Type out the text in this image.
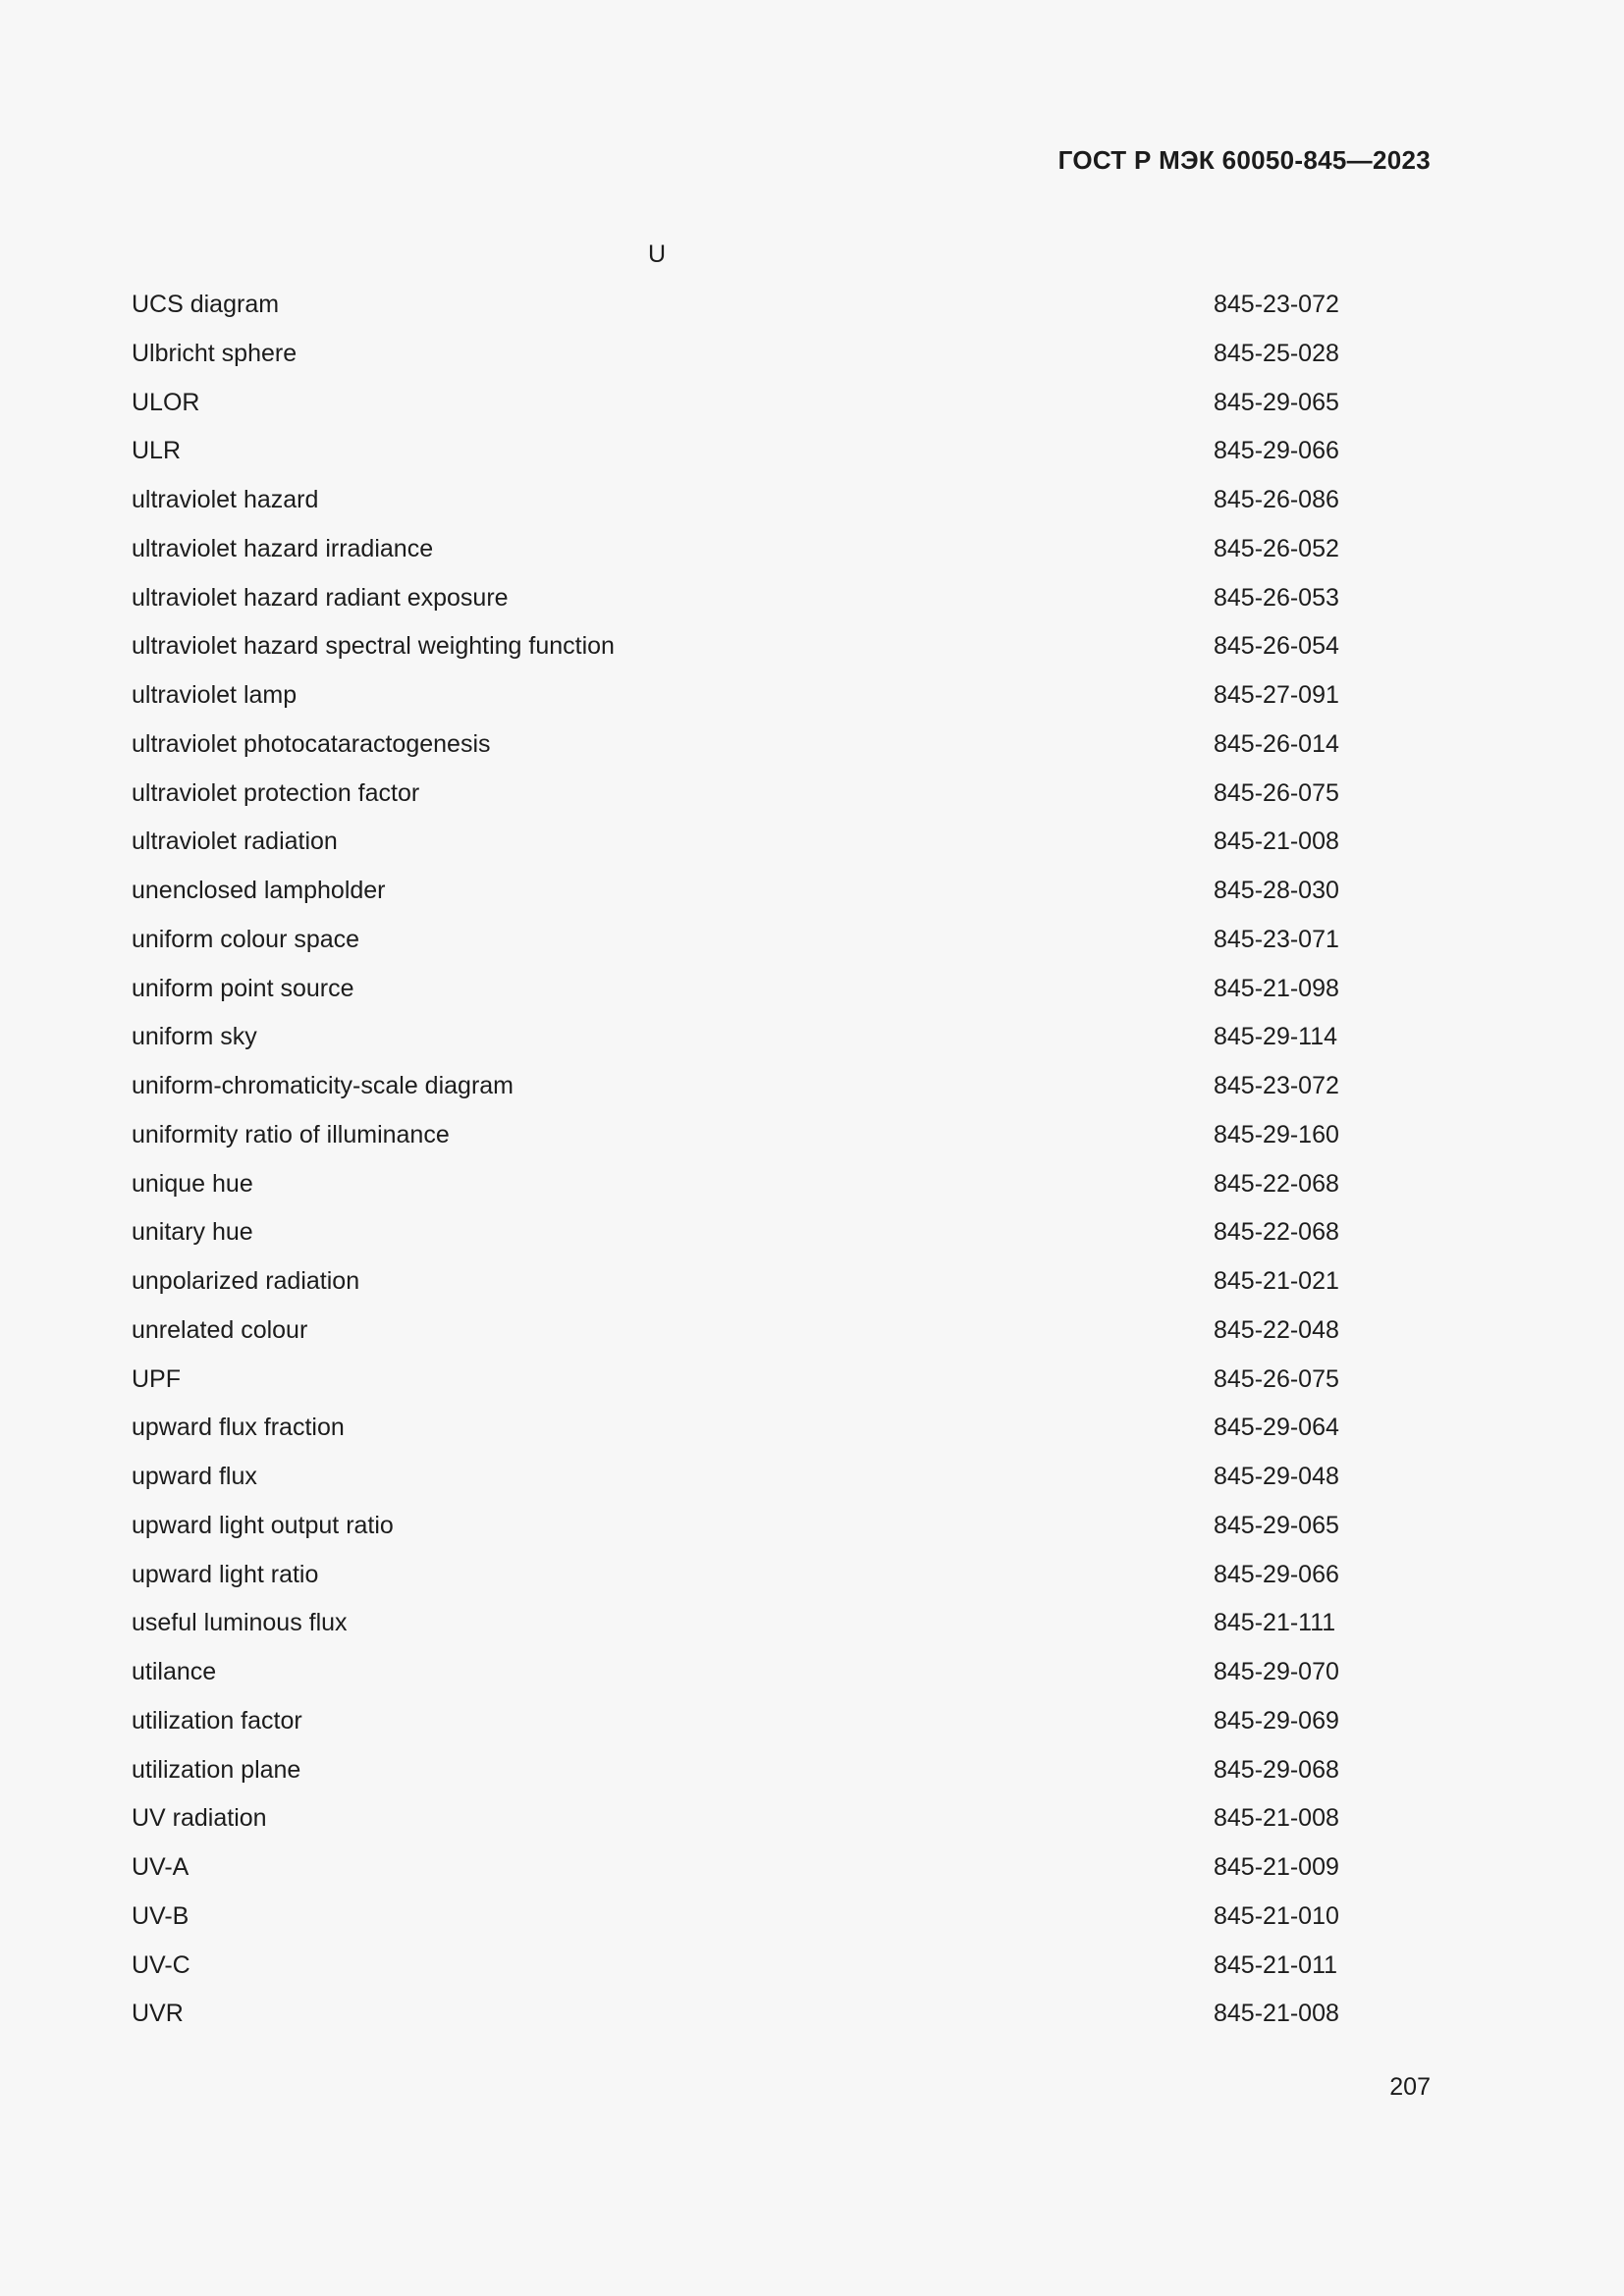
ГОСТ Р МЭК 60050-845—2023
U
UCS diagram	845-23-072
Ulbricht sphere	845-25-028
ULOR	845-29-065
ULR	845-29-066
ultraviolet hazard	845-26-086
ultraviolet hazard irradiance	845-26-052
ultraviolet hazard radiant exposure	845-26-053
ultraviolet hazard spectral weighting function	845-26-054
ultraviolet lamp	845-27-091
ultraviolet photocataractogenesis	845-26-014
ultraviolet protection factor	845-26-075
ultraviolet radiation	845-21-008
unenclosed lampholder	845-28-030
uniform colour space	845-23-071
uniform point source	845-21-098
uniform sky	845-29-114
uniform-chromaticity-scale diagram	845-23-072
uniformity ratio of illuminance	845-29-160
unique hue	845-22-068
unitary hue	845-22-068
unpolarized radiation	845-21-021
unrelated colour	845-22-048
UPF	845-26-075
upward flux fraction	845-29-064
upward flux	845-29-048
upward light output ratio	845-29-065
upward light ratio	845-29-066
useful luminous flux	845-21-111
utilance	845-29-070
utilization factor	845-29-069
utilization plane	845-29-068
UV radiation	845-21-008
UV-A	845-21-009
UV-B	845-21-010
UV-C	845-21-011
UVR	845-21-008
207
